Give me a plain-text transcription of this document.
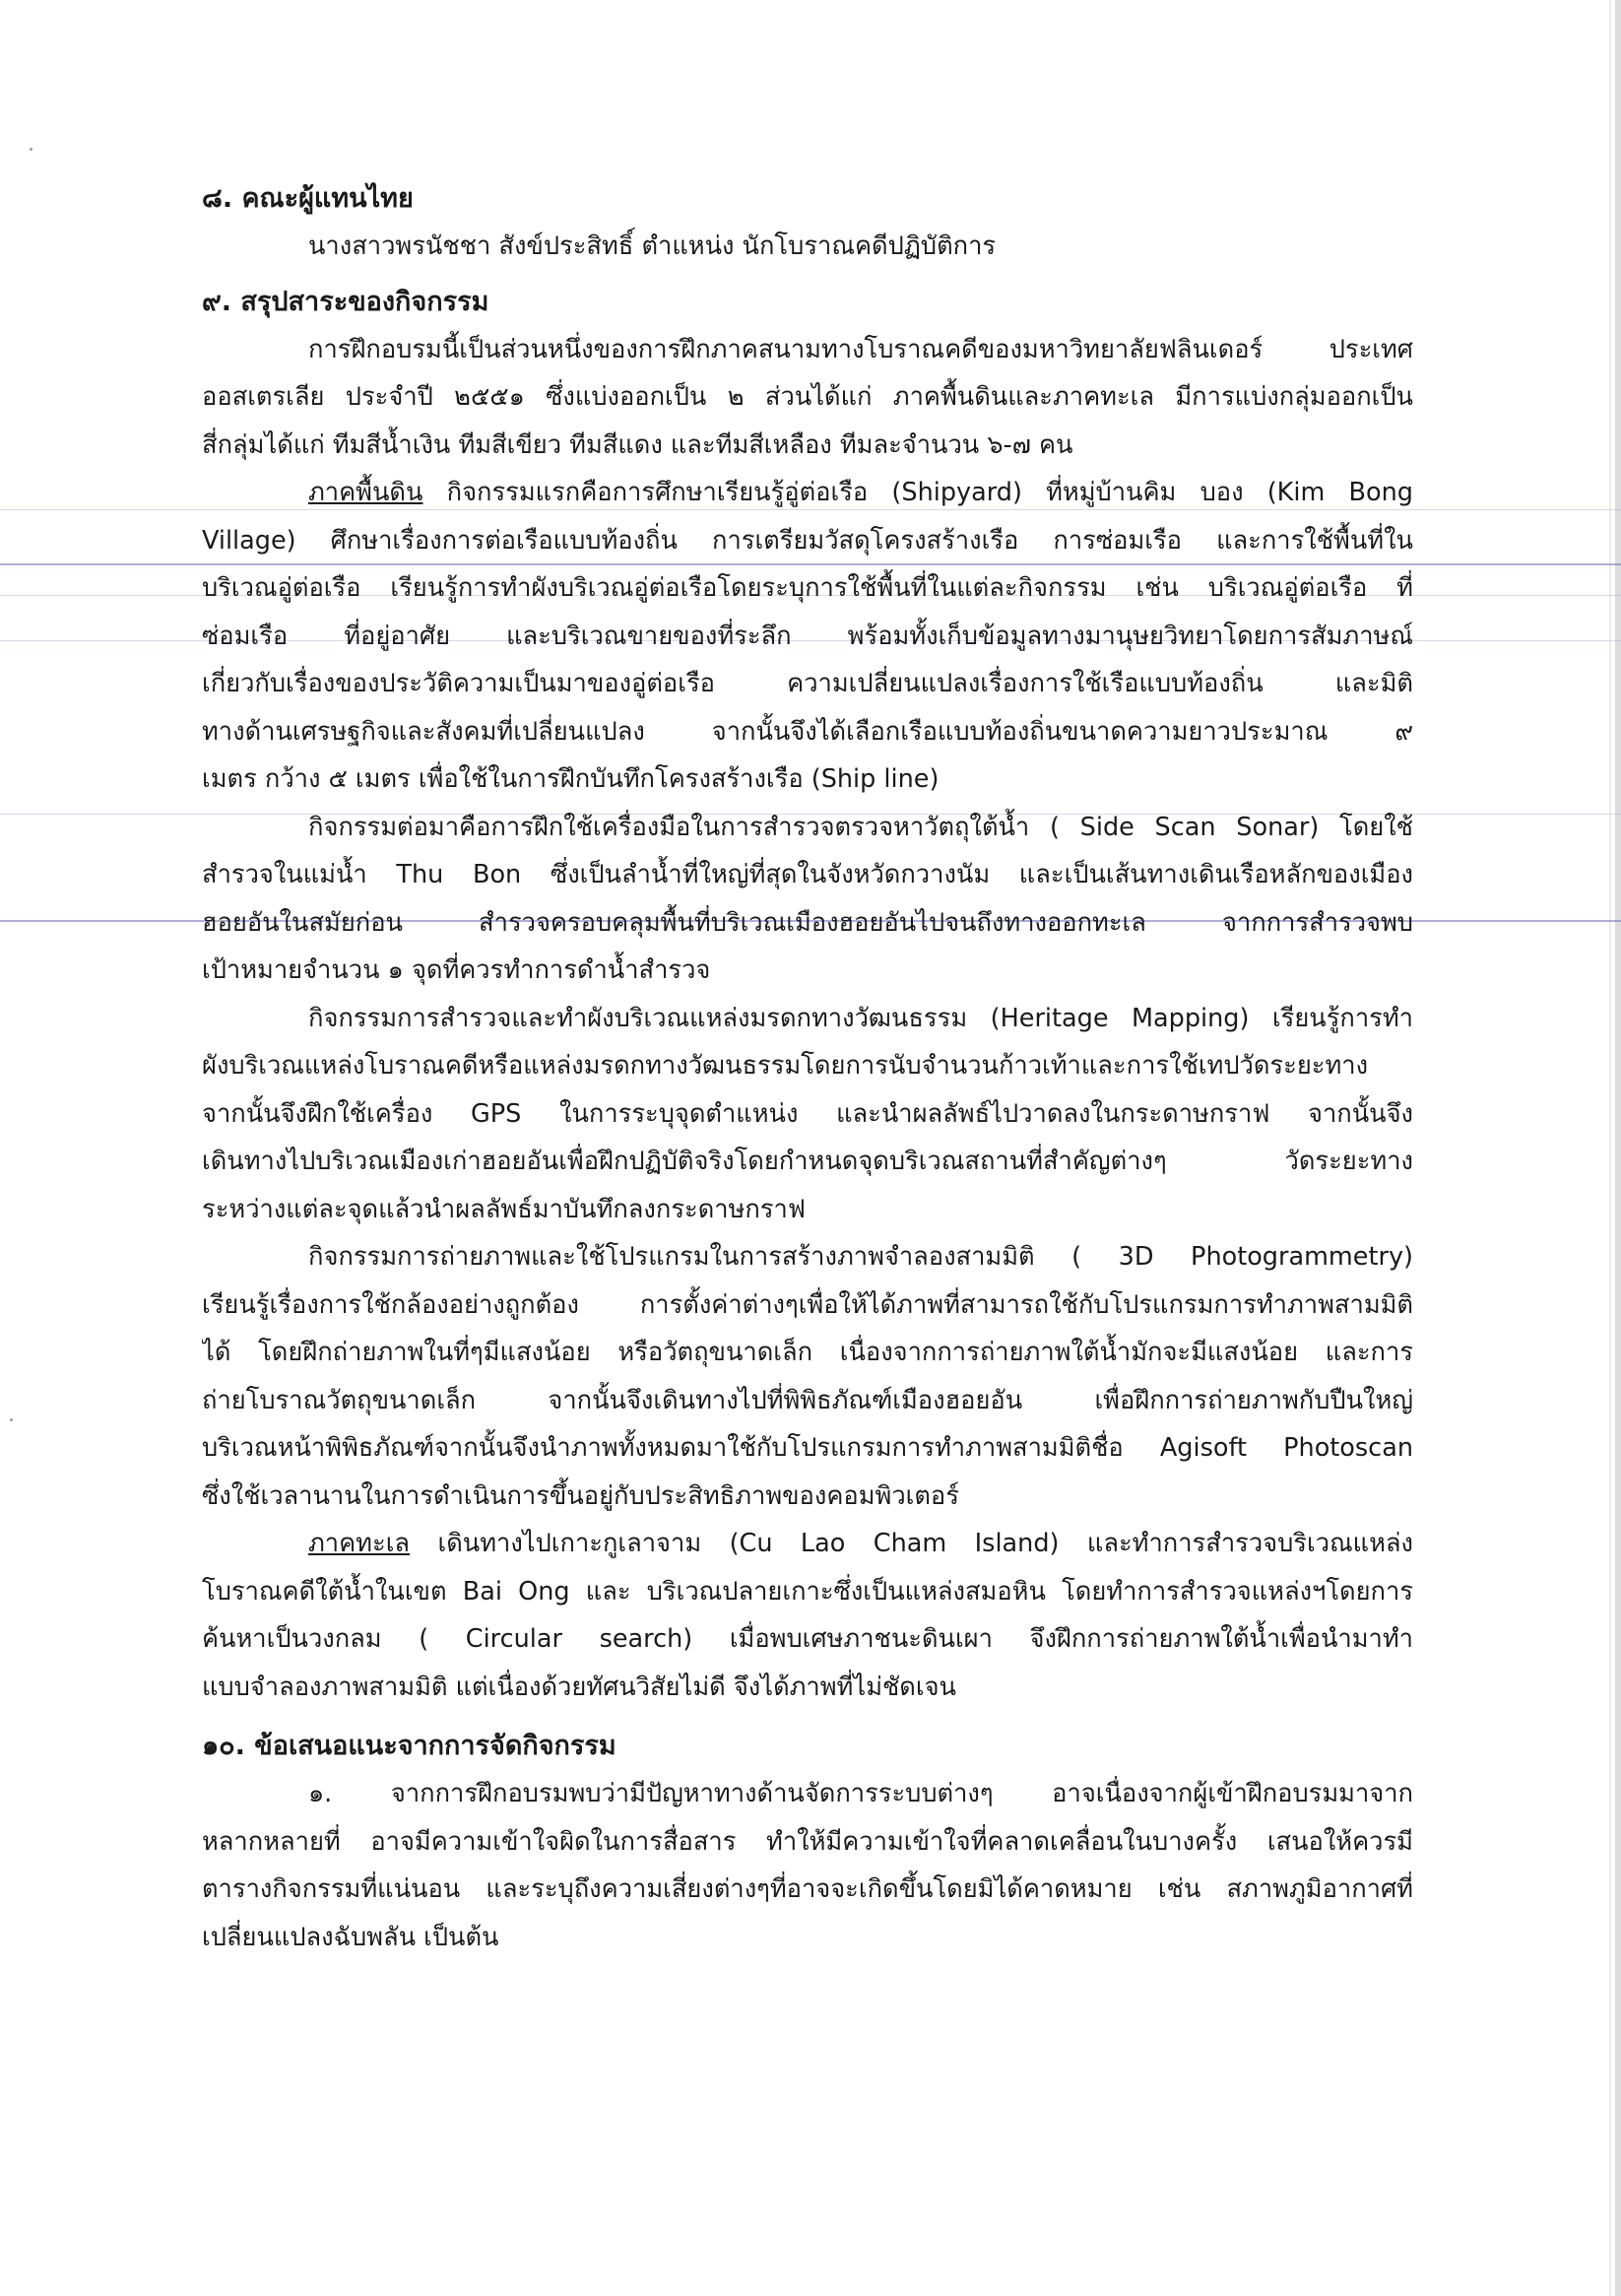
๘. คณะผู้แทนไทย
นางสาวพรนัชชา สังข์ประสิทธิ์ ตำแหน่ง นักโบราณคดีปฏิบัติการ
๙. สรุปสาระของกิจกรรม
การฝึกอบรมนี้เป็นส่วนหนึ่งของการฝึกภาคสนามทางโบราณคดีของมหาวิทยาลัยฟลินเดอร์ ประเทศ
ออสเตรเลีย ประจำปี ๒๕๕๑ ซึ่งแบ่งออกเป็น ๒ ส่วนได้แก่ ภาคพื้นดินและภาคทะเล มีการแบ่งกลุ่มออกเป็น
สี่กลุ่มได้แก่ ทีมสีน้ำเงิน ทีมสีเขียว ทีมสีแดง และทีมสีเหลือง ทีมละจำนวน ๖-๗ คน
ภาคพื้นดิน กิจกรรมแรกคือการศึกษาเรียนรู้อู่ต่อเรือ (Shipyard) ที่หมู่บ้านคิม บอง (Kim Bong
Village) ศึกษาเรื่องการต่อเรือแบบท้องถิ่น การเตรียมวัสดุโครงสร้างเรือ การซ่อมเรือ และการใช้พื้นที่ใน
บริเวณอู่ต่อเรือ เรียนรู้การทำผังบริเวณอู่ต่อเรือโดยระบุการใช้พื้นที่ในแต่ละกิจกรรม เช่น บริเวณอู่ต่อเรือ ที่
ซ่อมเรือ ที่อยู่อาศัย และบริเวณขายของที่ระลึก พร้อมทั้งเก็บข้อมูลทางมานุษยวิทยาโดยการสัมภาษณ์
เกี่ยวกับเรื่องของประวัติความเป็นมาของอู่ต่อเรือ ความเปลี่ยนแปลงเรื่องการใช้เรือแบบท้องถิ่น และมิติ
ทางด้านเศรษฐกิจและสังคมที่เปลี่ยนแปลง จากนั้นจึงได้เลือกเรือแบบท้องถิ่นขนาดความยาวประมาณ ๙
เมตร กว้าง ๕ เมตร เพื่อใช้ในการฝึกบันทึกโครงสร้างเรือ (Ship line)
กิจกรรมต่อมาคือการฝึกใช้เครื่องมือในการสำรวจตรวจหาวัตถุใต้น้ำ ( Side Scan Sonar) โดยใช้
สำรวจในแม่น้ำ Thu Bon ซึ่งเป็นลำน้ำที่ใหญ่ที่สุดในจังหวัดกวางนัม และเป็นเส้นทางเดินเรือหลักของเมือง
ฮอยอันในสมัยก่อน สำรวจครอบคลุมพื้นที่บริเวณเมืองฮอยอันไปจนถึงทางออกทะเล จากการสำรวจพบ
เป้าหมายจำนวน ๑ จุดที่ควรทำการดำน้ำสำรวจ
กิจกรรมการสำรวจและทำผังบริเวณแหล่งมรดกทางวัฒนธรรม (Heritage Mapping) เรียนรู้การทำ
ผังบริเวณแหล่งโบราณคดีหรือแหล่งมรดกทางวัฒนธรรมโดยการนับจำนวนก้าวเท้าและการใช้เทปวัดระยะทาง
จากนั้นจึงฝึกใช้เครื่อง GPS ในการระบุจุดตำแหน่ง และนำผลลัพธ์ไปวาดลงในกระดาษกราฟ จากนั้นจึง
เดินทางไปบริเวณเมืองเก่าฮอยอันเพื่อฝึกปฏิบัติจริงโดยกำหนดจุดบริเวณสถานที่สำคัญต่างๆ วัดระยะทาง
ระหว่างแต่ละจุดแล้วนำผลลัพธ์มาบันทึกลงกระดาษกราฟ
กิจกรรมการถ่ายภาพและใช้โปรแกรมในการสร้างภาพจำลองสามมิติ ( 3D Photogrammetry)
เรียนรู้เรื่องการใช้กล้องอย่างถูกต้อง การตั้งค่าต่างๆเพื่อให้ได้ภาพที่สามารถใช้กับโปรแกรมการทำภาพสามมิติ
ได้ โดยฝึกถ่ายภาพในที่ๆมีแสงน้อย หรือวัตถุขนาดเล็ก เนื่องจากการถ่ายภาพใต้น้ำมักจะมีแสงน้อย และการ
ถ่ายโบราณวัตถุขนาดเล็ก จากนั้นจึงเดินทางไปที่พิพิธภัณฑ์เมืองฮอยอัน เพื่อฝึกการถ่ายภาพกับปืนใหญ่
บริเวณหน้าพิพิธภัณฑ์จากนั้นจึงนำภาพทั้งหมดมาใช้กับโปรแกรมการทำภาพสามมิติชื่อ Agisoft Photoscan
ซึ่งใช้เวลานานในการดำเนินการขึ้นอยู่กับประสิทธิภาพของคอมพิวเตอร์
ภาคทะเล เดินทางไปเกาะกูเลาจาม (Cu Lao Cham Island) และทำการสำรวจบริเวณแหล่ง
โบราณคดีใต้น้ำในเขต Bai Ong และ บริเวณปลายเกาะซึ่งเป็นแหล่งสมอหิน โดยทำการสำรวจแหล่งฯโดยการ
ค้นหาเป็นวงกลม ( Circular search) เมื่อพบเศษภาชนะดินเผา จึงฝึกการถ่ายภาพใต้น้ำเพื่อนำมาทำ
แบบจำลองภาพสามมิติ แต่เนื่องด้วยทัศนวิสัยไม่ดี จึงได้ภาพที่ไม่ชัดเจน
๑๐. ข้อเสนอแนะจากการจัดกิจกรรม
๑. จากการฝึกอบรมพบว่ามีปัญหาทางด้านจัดการระบบต่างๆ อาจเนื่องจากผู้เข้าฝึกอบรมมาจาก
หลากหลายที่ อาจมีความเข้าใจผิดในการสื่อสาร ทำให้มีความเข้าใจที่คลาดเคลื่อนในบางครั้ง เสนอให้ควรมี
ตารางกิจกรรมที่แน่นอน และระบุถึงความเสี่ยงต่างๆที่อาจจะเกิดขึ้นโดยมิได้คาดหมาย เช่น สภาพภูมิอากาศที่
เปลี่ยนแปลงฉับพลัน เป็นต้น
